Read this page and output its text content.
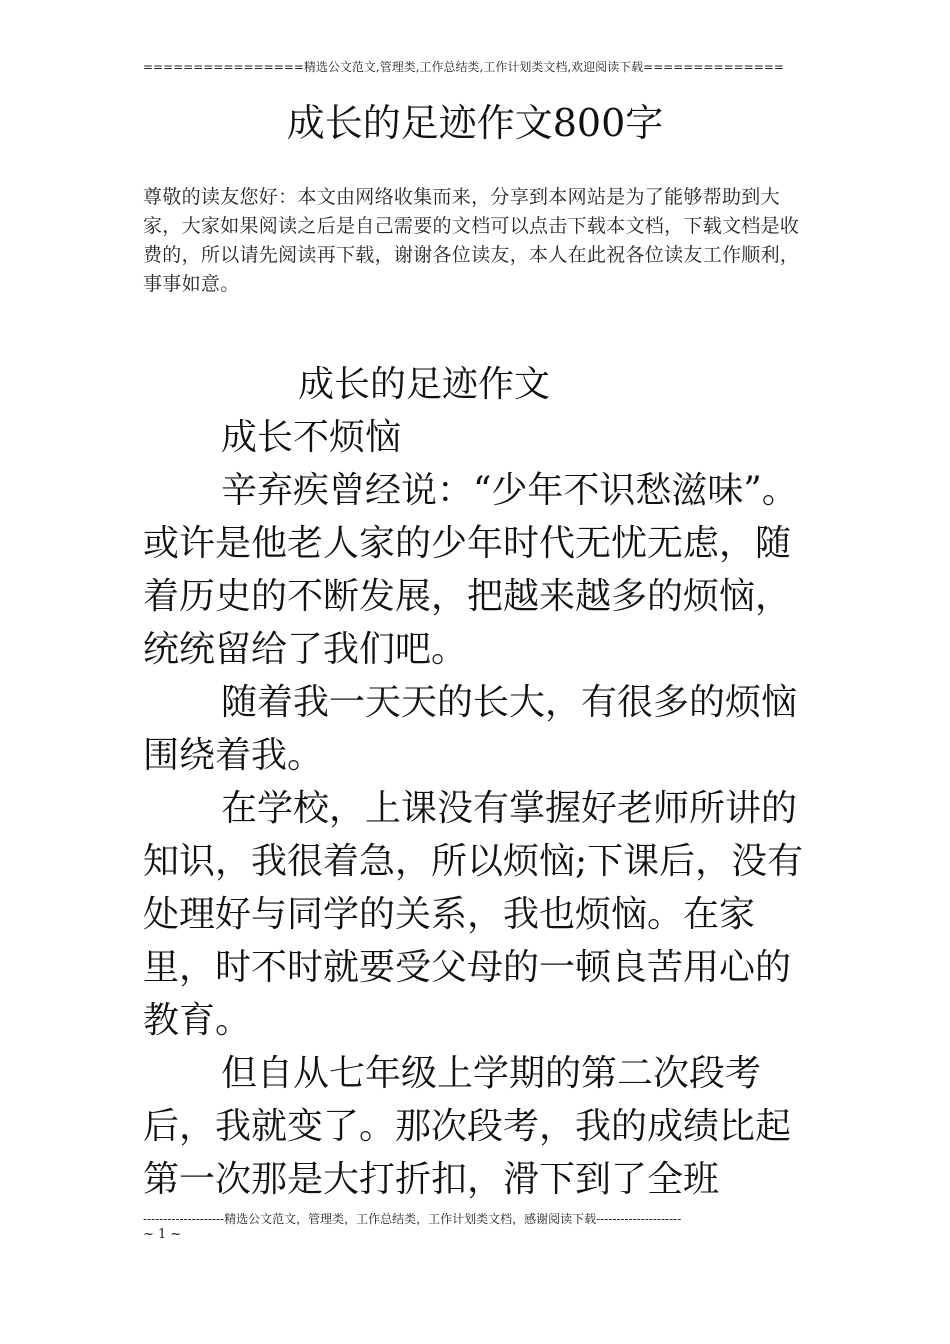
================精选公文范文,管理类,工作总结类,工作计划类文档,欢迎阅读下载==============
成长的足迹作文800字
尊敬的读友您好：本文由网络收集而来，分享到本网站是为了能够帮助到大家，大家如果阅读之后是自己需要的文档可以点击下载本文档，下载文档是收费的，所以请先阅读再下载，谢谢各位读友，本人在此祝各位读友工作顺利，事事如意。

成长的足迹作文

成长不烦恼

辛弃疾曾经说：“少年不识愁滋味”。或许是他老人家的少年时代无忧无虑，随着历史的不断发展，把越来越多的烦恼，统统留给了我们吧。

随着我一天天的长大，有很多的烦恼围绕着我。

在学校，上课没有掌握好老师所讲的知识，我很着急，所以烦恼;下课后，没有处理好与同学的关系，我也烦恼。在家里，时不时就要受父母的一顿良苦用心的教育。

但自从七年级上学期的第二次段考后，我就变了。那次段考，我的成绩比起第一次那是大打折扣，滑下到了全班

--------------------精选公文范文，管理类，工作总结类，工作计划类文档，感谢阅读下载---------------------
~ 1 ~
